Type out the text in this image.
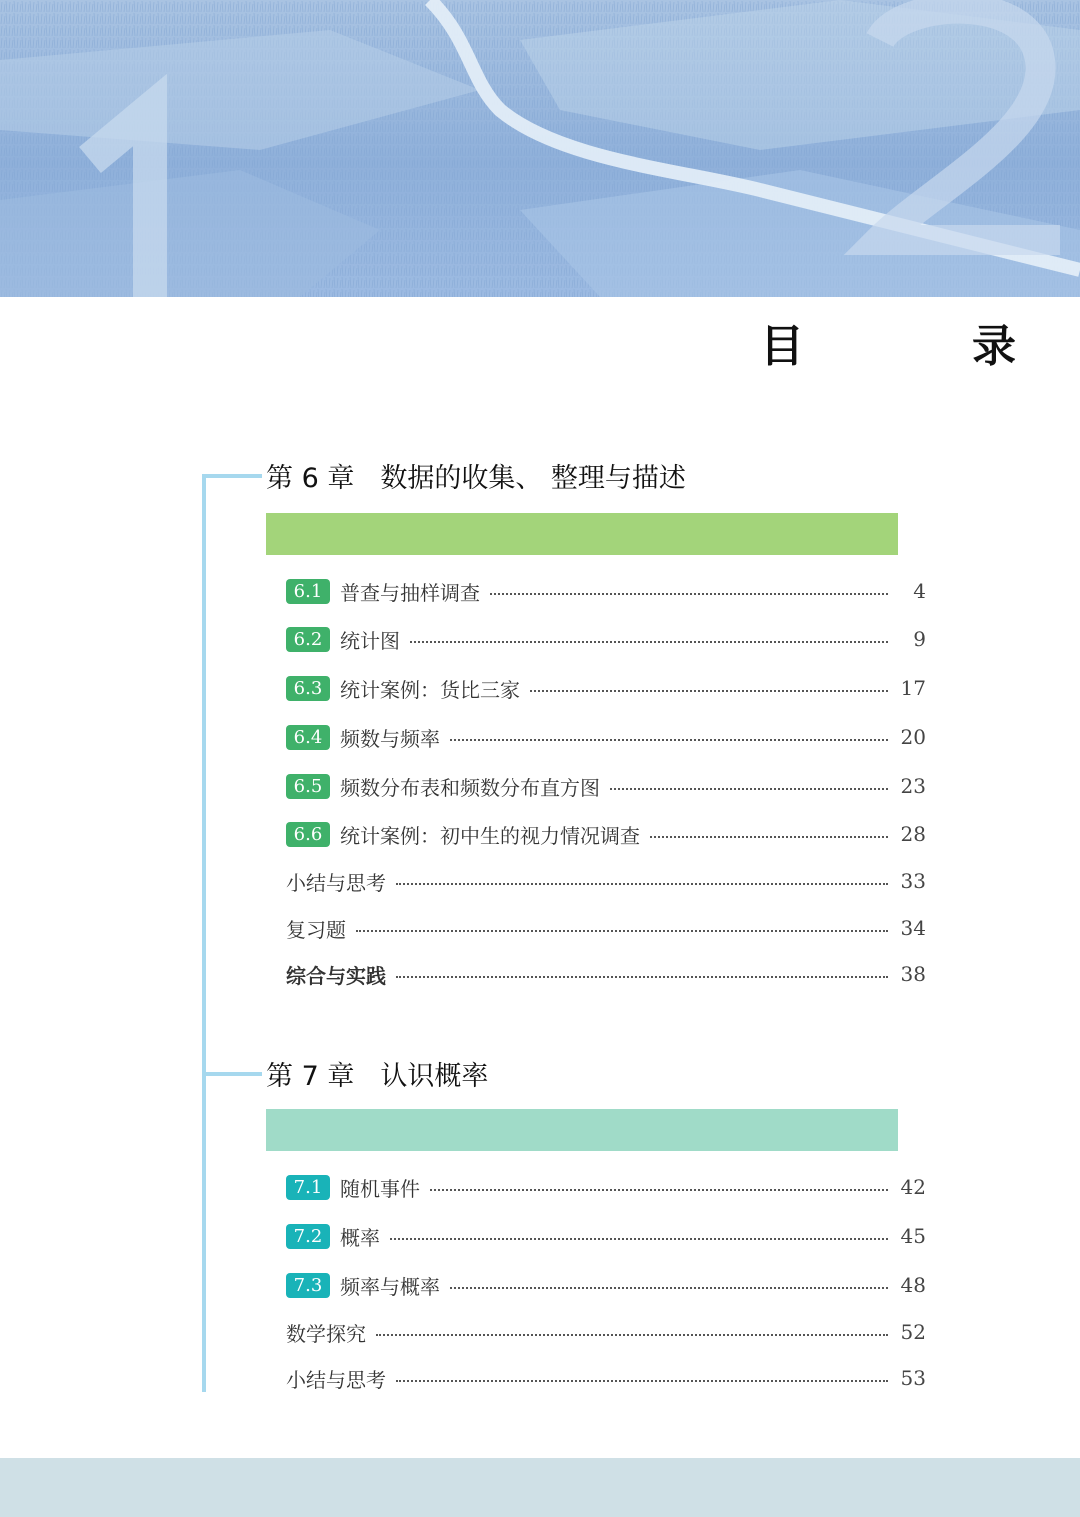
目　录
第 6 章 数据的收集、 整理与描述
6.1 普查与抽样调查	4
6.2 统计图	9
6.3 统计案例：货比三家	17
6.4 频数与频率	20
6.5 频数分布表和频数分布直方图	23
6.6 统计案例：初中生的视力情况调查	28
小结与思考	33
复习题	34
综合与实践	38
第 7 章 认识概率
7.1 随机事件	42
7.2 概率	45
7.3 频率与概率	48
数学探究	52
小结与思考	53
